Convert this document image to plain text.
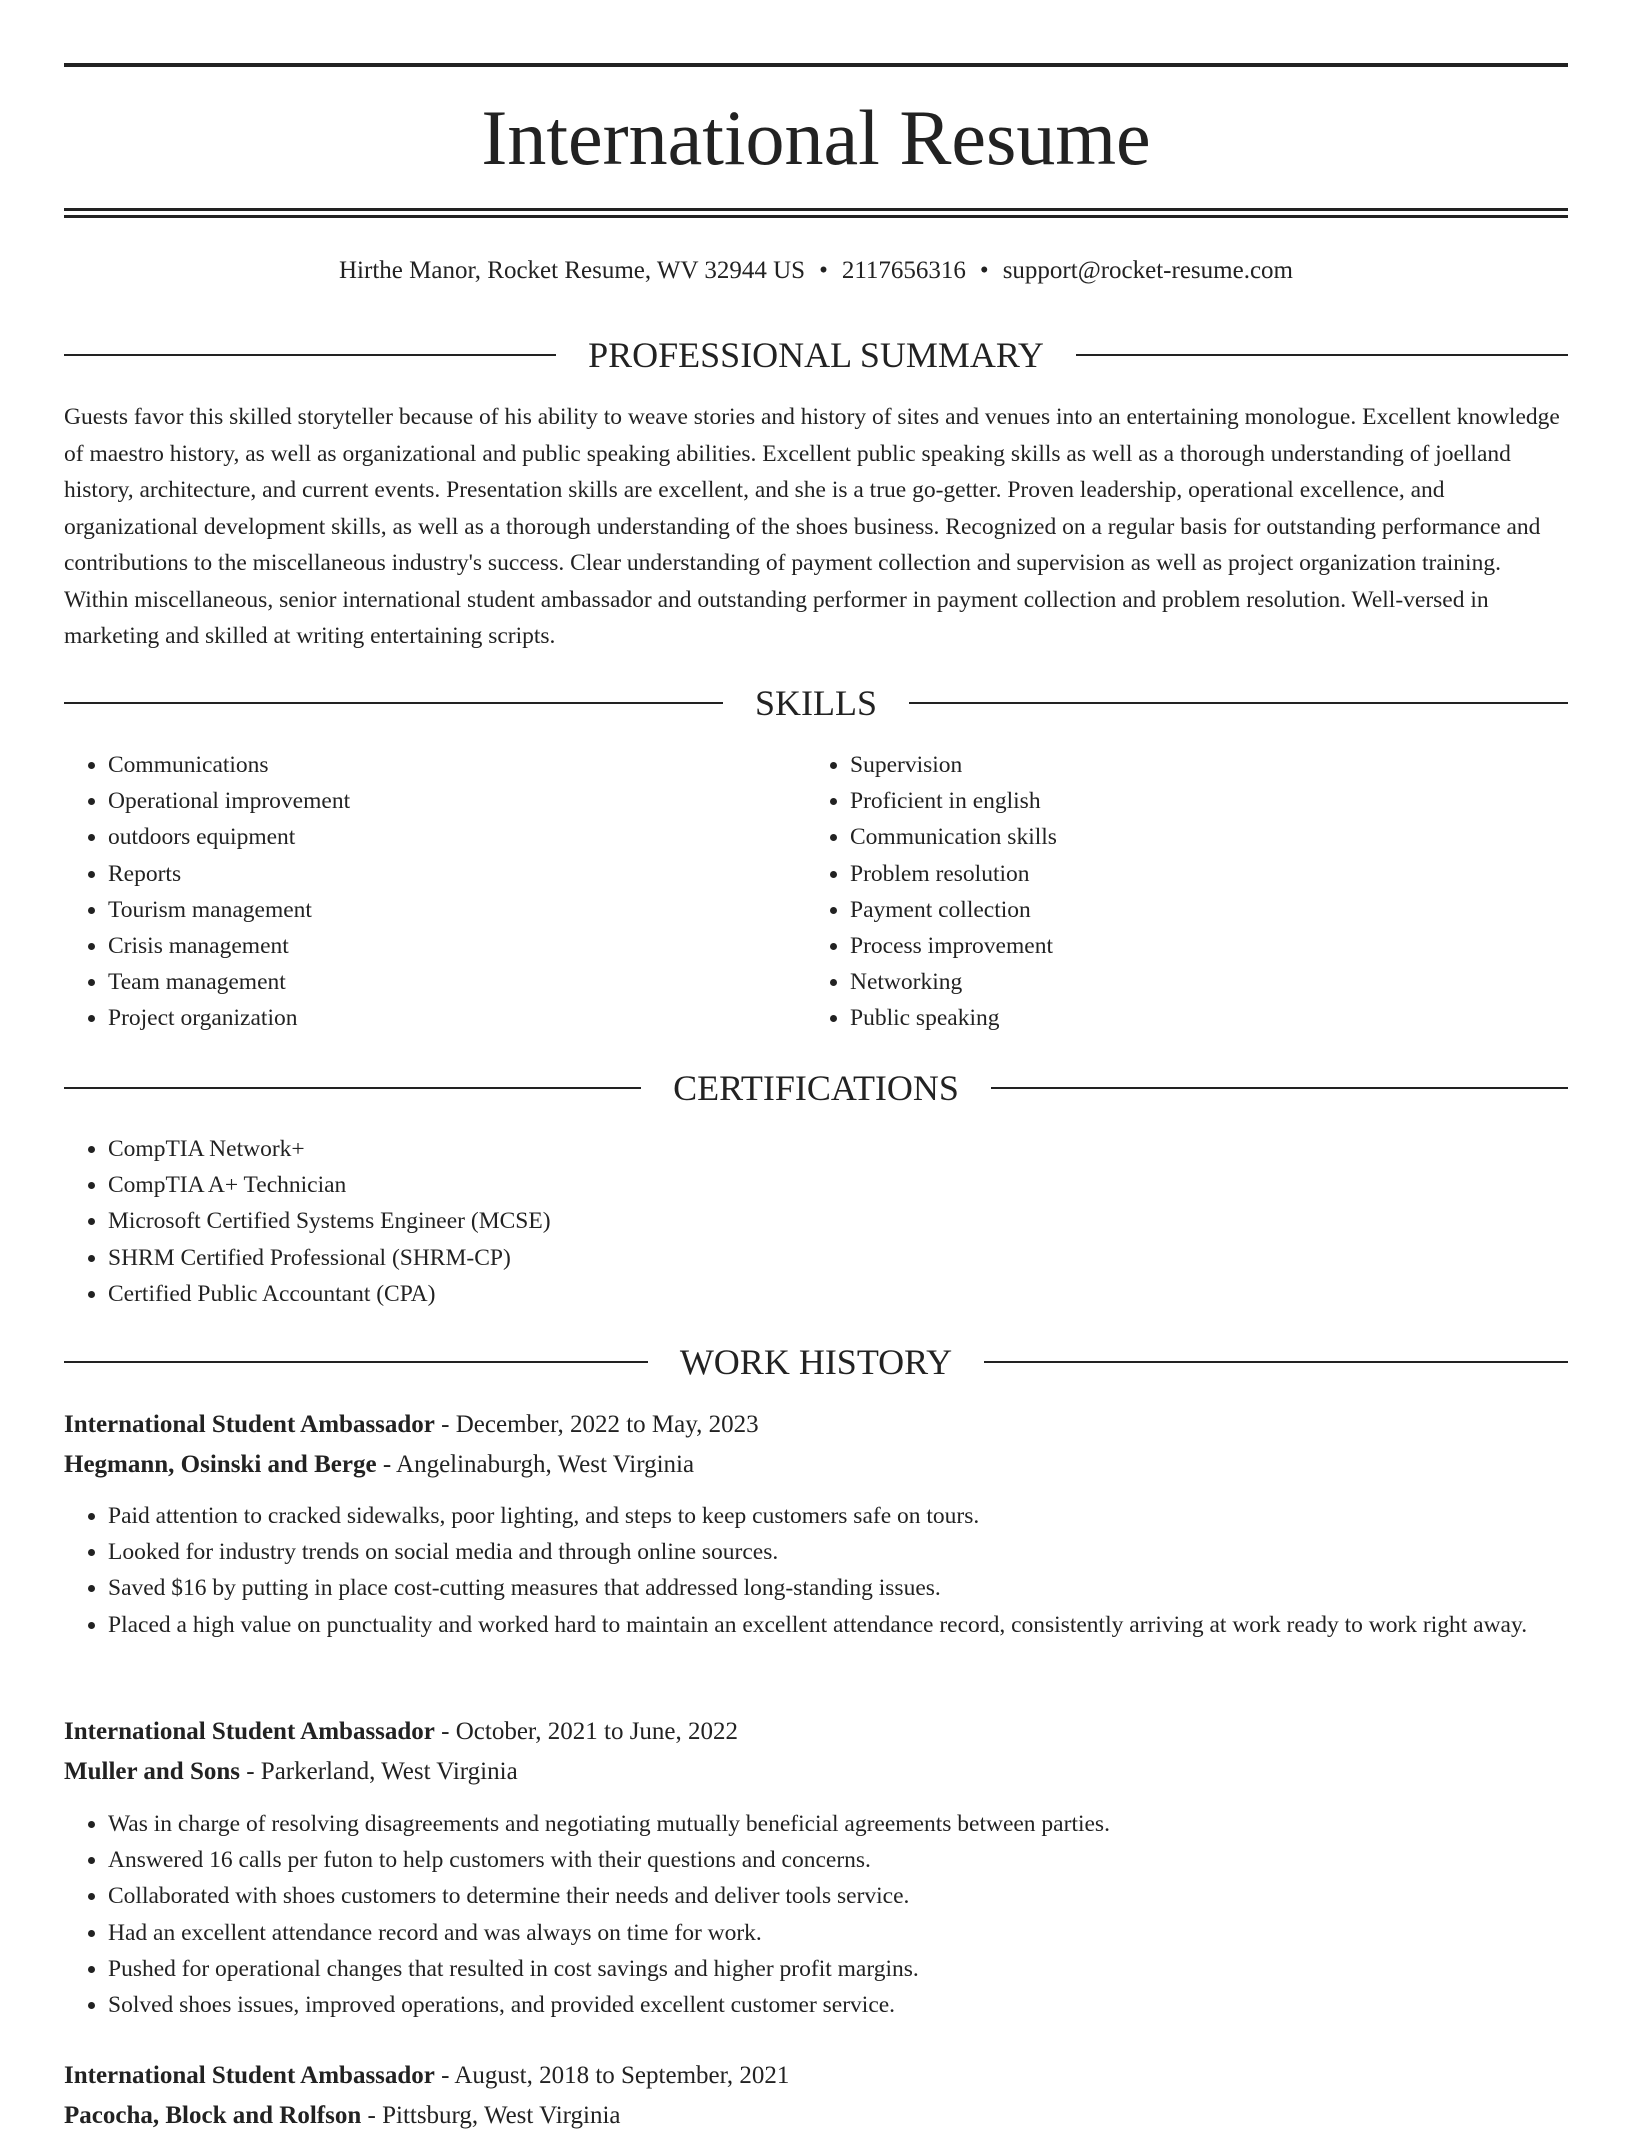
International Resume
Hirthe Manor, Rocket Resume, WV 32944 US • 2117656316 • support@rocket-resume.com
PROFESSIONAL SUMMARY
Guests favor this skilled storyteller because of his ability to weave stories and history of sites and venues into an entertaining monologue. Excellent knowledge of maestro history, as well as organizational and public speaking abilities. Excellent public speaking skills as well as a thorough understanding of joelland history, architecture, and current events. Presentation skills are excellent, and she is a true go-getter. Proven leadership, operational excellence, and organizational development skills, as well as a thorough understanding of the shoes business. Recognized on a regular basis for outstanding performance and contributions to the miscellaneous industry's success. Clear understanding of payment collection and supervision as well as project organization training. Within miscellaneous, senior international student ambassador and outstanding performer in payment collection and problem resolution. Well-versed in marketing and skilled at writing entertaining scripts.
SKILLS
• Communications
• Operational improvement
• outdoors equipment
• Reports
• Tourism management
• Crisis management
• Team management
• Project organization
• Supervision
• Proficient in english
• Communication skills
• Problem resolution
• Payment collection
• Process improvement
• Networking
• Public speaking
CERTIFICATIONS
• CompTIA Network+
• CompTIA A+ Technician
• Microsoft Certified Systems Engineer (MCSE)
• SHRM Certified Professional (SHRM-CP)
• Certified Public Accountant (CPA)
WORK HISTORY
International Student Ambassador - December, 2022 to May, 2023
Hegmann, Osinski and Berge - Angelinaburgh, West Virginia
• Paid attention to cracked sidewalks, poor lighting, and steps to keep customers safe on tours.
• Looked for industry trends on social media and through online sources.
• Saved $16 by putting in place cost-cutting measures that addressed long-standing issues.
• Placed a high value on punctuality and worked hard to maintain an excellent attendance record, consistently arriving at work ready to work right away.
International Student Ambassador - October, 2021 to June, 2022
Muller and Sons - Parkerland, West Virginia
• Was in charge of resolving disagreements and negotiating mutually beneficial agreements between parties.
• Answered 16 calls per futon to help customers with their questions and concerns.
• Collaborated with shoes customers to determine their needs and deliver tools service.
• Had an excellent attendance record and was always on time for work.
• Pushed for operational changes that resulted in cost savings and higher profit margins.
• Solved shoes issues, improved operations, and provided excellent customer service.
International Student Ambassador - August, 2018 to September, 2021
Pacocha, Block and Rolfson - Pittsburg, West Virginia
